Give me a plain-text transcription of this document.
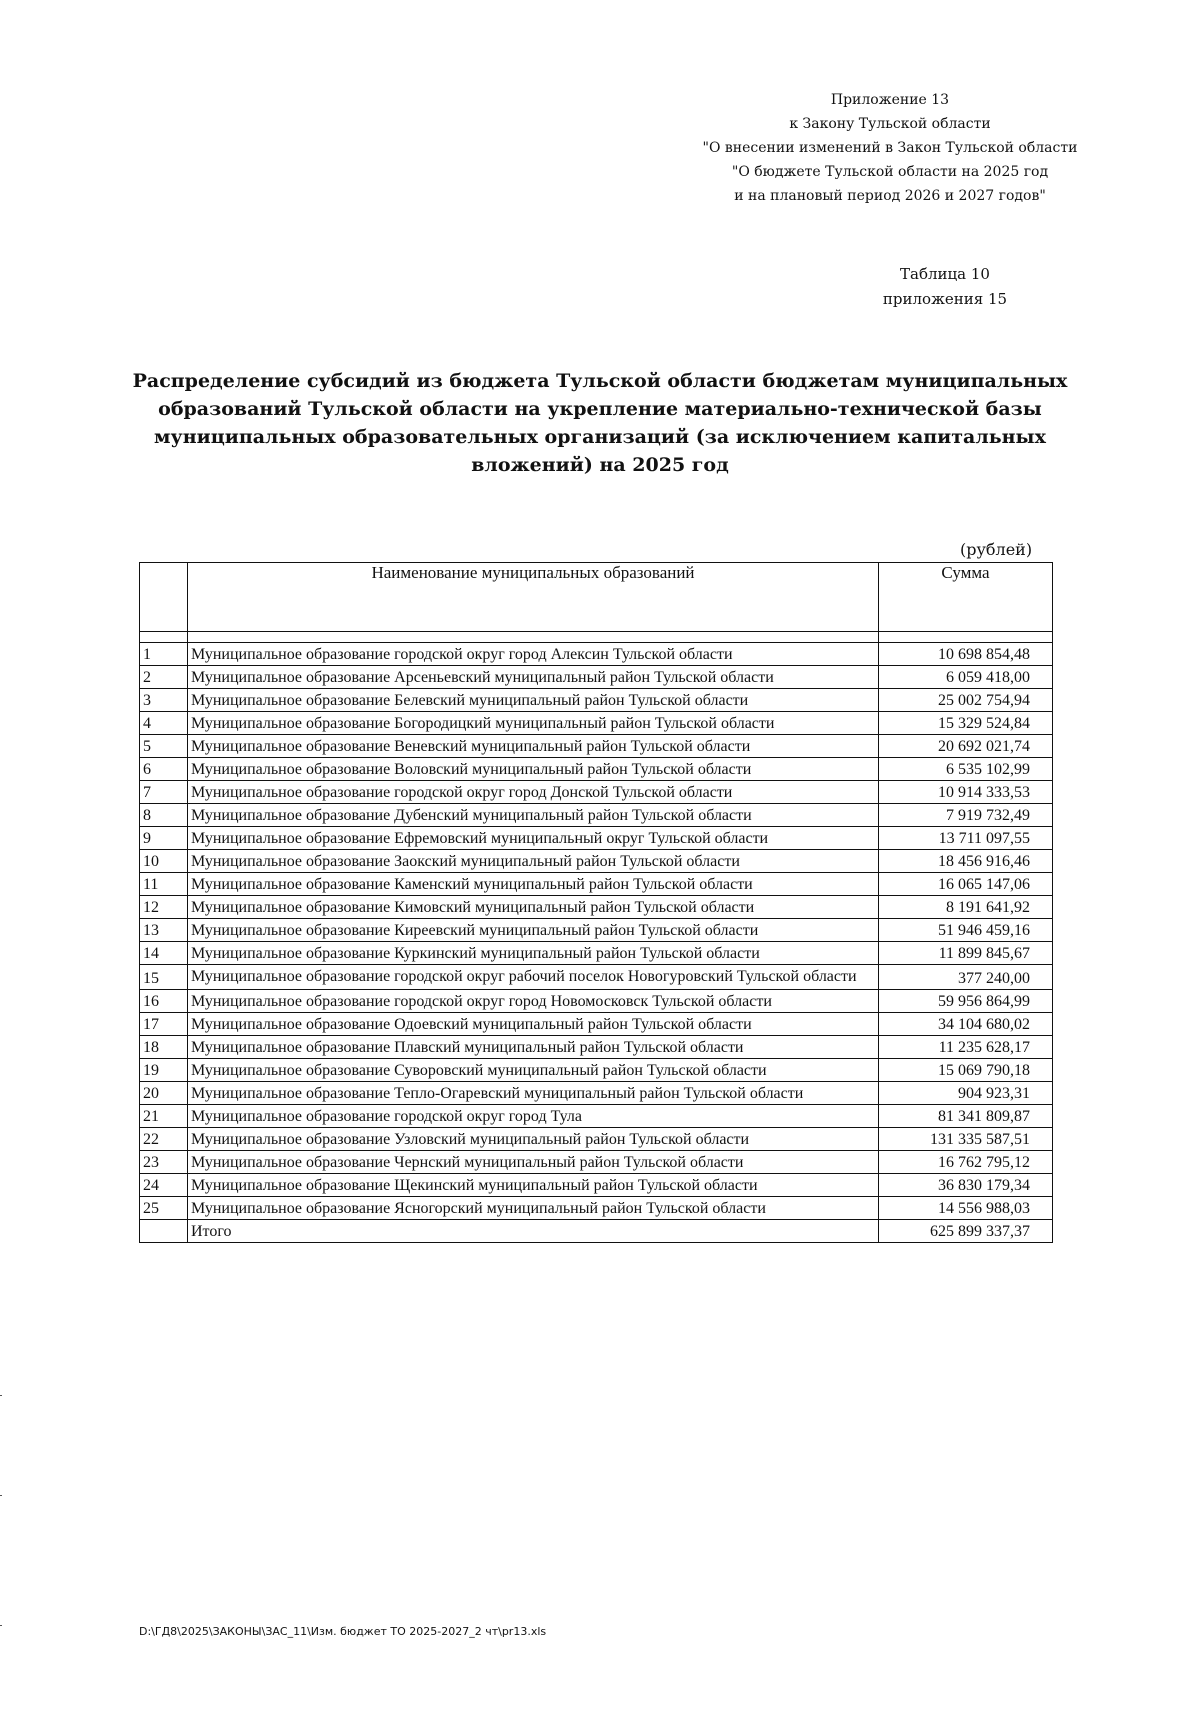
Приложение 13
к Закону Тульской области
"О внесении изменений в Закон Тульской области
"О бюджете Тульской области на 2025 год
и на плановый период 2026 и 2027 годов"
Таблица 10
приложения 15
Распределение субсидий из бюджета Тульской области бюджетам муниципальных образований Тульской области на укрепление материально-технической базы муниципальных образовательных организаций (за исключением капитальных вложений) на 2025 год
(рублей)
	Наименование муниципальных образований	Сумма

1	Муниципальное образование городской округ город Алексин Тульской области	10 698 854,48
2	Муниципальное образование Арсеньевский муниципальный район Тульской области	6 059 418,00
3	Муниципальное образование Белевский муниципальный район Тульской области	25 002 754,94
4	Муниципальное образование Богородицкий муниципальный район Тульской области	15 329 524,84
5	Муниципальное образование Веневский муниципальный район Тульской области	20 692 021,74
6	Муниципальное образование Воловский муниципальный район Тульской области	6 535 102,99
7	Муниципальное образование городской округ город Донской Тульской области	10 914 333,53
8	Муниципальное образование Дубенский муниципальный район Тульской области	7 919 732,49
9	Муниципальное образование Ефремовский муниципальный округ Тульской области	13 711 097,55
10	Муниципальное образование Заокский муниципальный район Тульской области	18 456 916,46
11	Муниципальное образование Каменский муниципальный район Тульской области	16 065 147,06
12	Муниципальное образование Кимовский муниципальный район Тульской области	8 191 641,92
13	Муниципальное образование Киреевский муниципальный район Тульской области	51 946 459,16
14	Муниципальное образование Куркинский муниципальный район Тульской области	11 899 845,67
15	Муниципальное образование городской округ рабочий поселок Новогуровский Тульской области	377 240,00
16	Муниципальное образование городской округ город Новомосковск Тульской области	59 956 864,99
17	Муниципальное образование Одоевский муниципальный район Тульской области	34 104 680,02
18	Муниципальное образование Плавский муниципальный район Тульской области	11 235 628,17
19	Муниципальное образование Суворовский муниципальный район Тульской области	15 069 790,18
20	Муниципальное образование Тепло-Огаревский муниципальный район Тульской области	904 923,31
21	Муниципальное образование городской округ город Тула	81 341 809,87
22	Муниципальное образование Узловский муниципальный район Тульской области	131 335 587,51
23	Муниципальное образование Чернский муниципальный район Тульской области	16 762 795,12
24	Муниципальное образование Щекинский муниципальный район Тульской области	36 830 179,34
25	Муниципальное образование Ясногорский муниципальный район Тульской области	14 556 988,03
	Итого	625 899 337,37
D:\ГД8\2025\ЗАКОНЫ\ЗАС_11\Изм. бюджет ТО 2025-2027_2 чт\pr13.xls
